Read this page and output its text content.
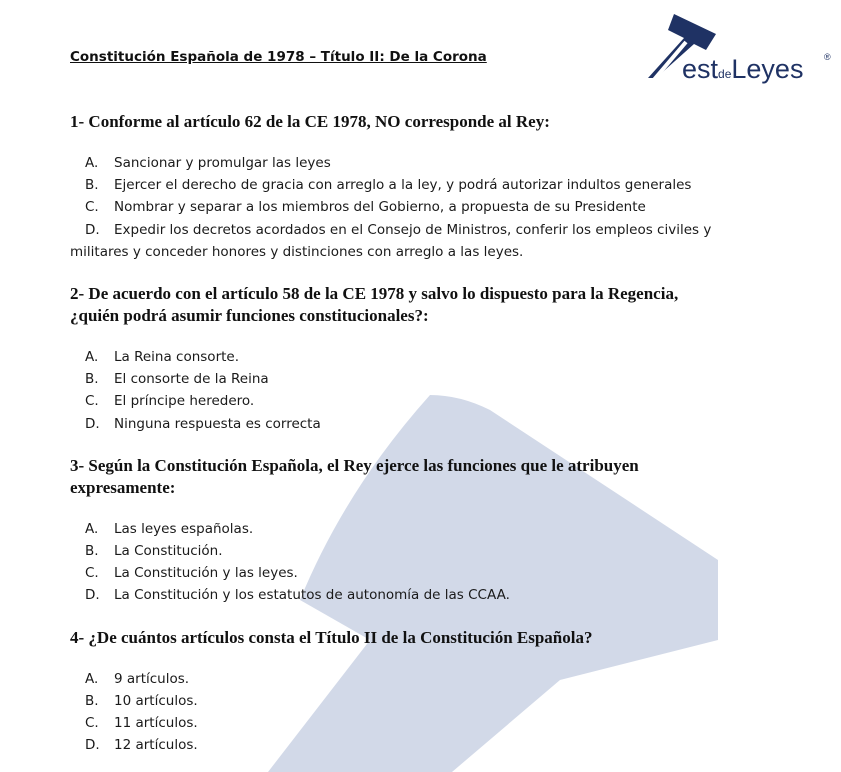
estdeLeyes ®
Constitución Española de 1978 – Título II: De la Corona

1- Conforme al artículo 62 de la CE 1978, NO corresponde al Rey:

A. Sancionar y promulgar las leyes
B. Ejercer el derecho de gracia con arreglo a la ley, y podrá autorizar indultos generales
C. Nombrar y separar a los miembros del Gobierno, a propuesta de su Presidente
D. Expedir los decretos acordados en el Consejo de Ministros, conferir los empleos civiles y
militares y conceder honores y distinciones con arreglo a las leyes.

2- De acuerdo con el artículo 58 de la CE 1978 y salvo lo dispuesto para la Regencia, ¿quién podrá asumir funciones constitucionales?:

A. La Reina consorte.
B. El consorte de la Reina
C. El príncipe heredero.
D. Ninguna respuesta es correcta

3- Según la Constitución Española, el Rey ejerce las funciones que le atribuyen expresamente:

A. Las leyes españolas.
B. La Constitución.
C. La Constitución y las leyes.
D. La Constitución y los estatutos de autonomía de las CCAA.

4- ¿De cuántos artículos consta el Título II de la Constitución Española?

A. 9 artículos.
B. 10 artículos.
C. 11 artículos.
D. 12 artículos.
